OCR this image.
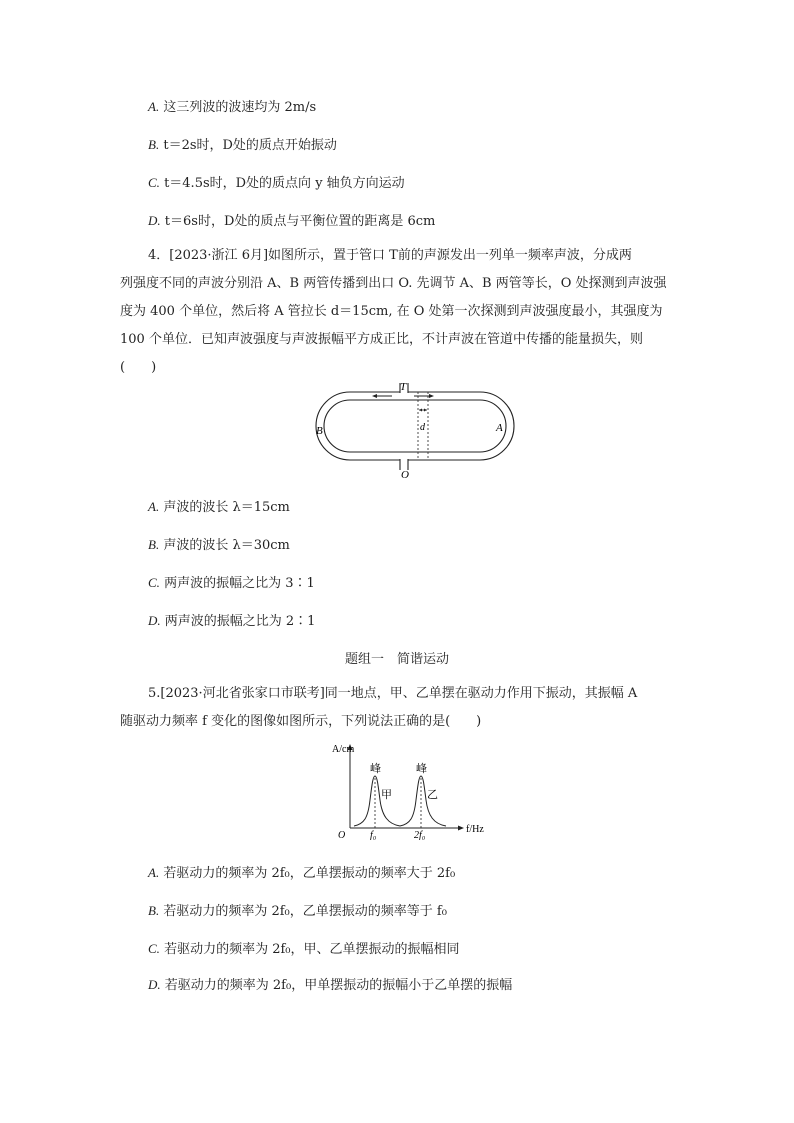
A. 这三列波的波速均为 2m/s
B. t＝2s时，D处的质点开始振动
C. t＝4.5s时，D处的质点向 y 轴负方向运动
D. t＝6s时，D处的质点与平衡位置的距离是 6cm
4．[2023·浙江 6月]如图所示，置于管口 T前的声源发出一列单一频率声波，分成两
列强度不同的声波分别沿 A、B 两管传播到出口 O. 先调节 A、B 两管等长，O 处探测到声波强
度为 400 个单位，然后将 A 管拉长 d＝15cm, 在 O 处第一次探测到声波强度最小，其强度为
100 个单位．已知声波强度与声波振幅平方成正比，不计声波在管道中传播的能量损失，则
(　　)
T
O
A
B	d
A. 声波的波长 λ＝15cm
B. 声波的波长 λ＝30cm
C. 两声波的振幅之比为 3∶1
D. 两声波的振幅之比为 2∶1
题组一　简谐运动
5.[2023·河北省张家口市联考]同一地点，甲、乙单摆在驱动力作用下振动，其振幅 A
随驱动力频率 f 变化的图像如图所示，下列说法正确的是(　　)
A/cm
f/Hz
O f₀	2f₀
峰	峰
甲	乙
A. 若驱动力的频率为 2f₀，乙单摆振动的频率大于 2f₀
B. 若驱动力的频率为 2f₀，乙单摆振动的频率等于 f₀
C. 若驱动力的频率为 2f₀，甲、乙单摆振动的振幅相同
D. 若驱动力的频率为 2f₀，甲单摆振动的振幅小于乙单摆的振幅
